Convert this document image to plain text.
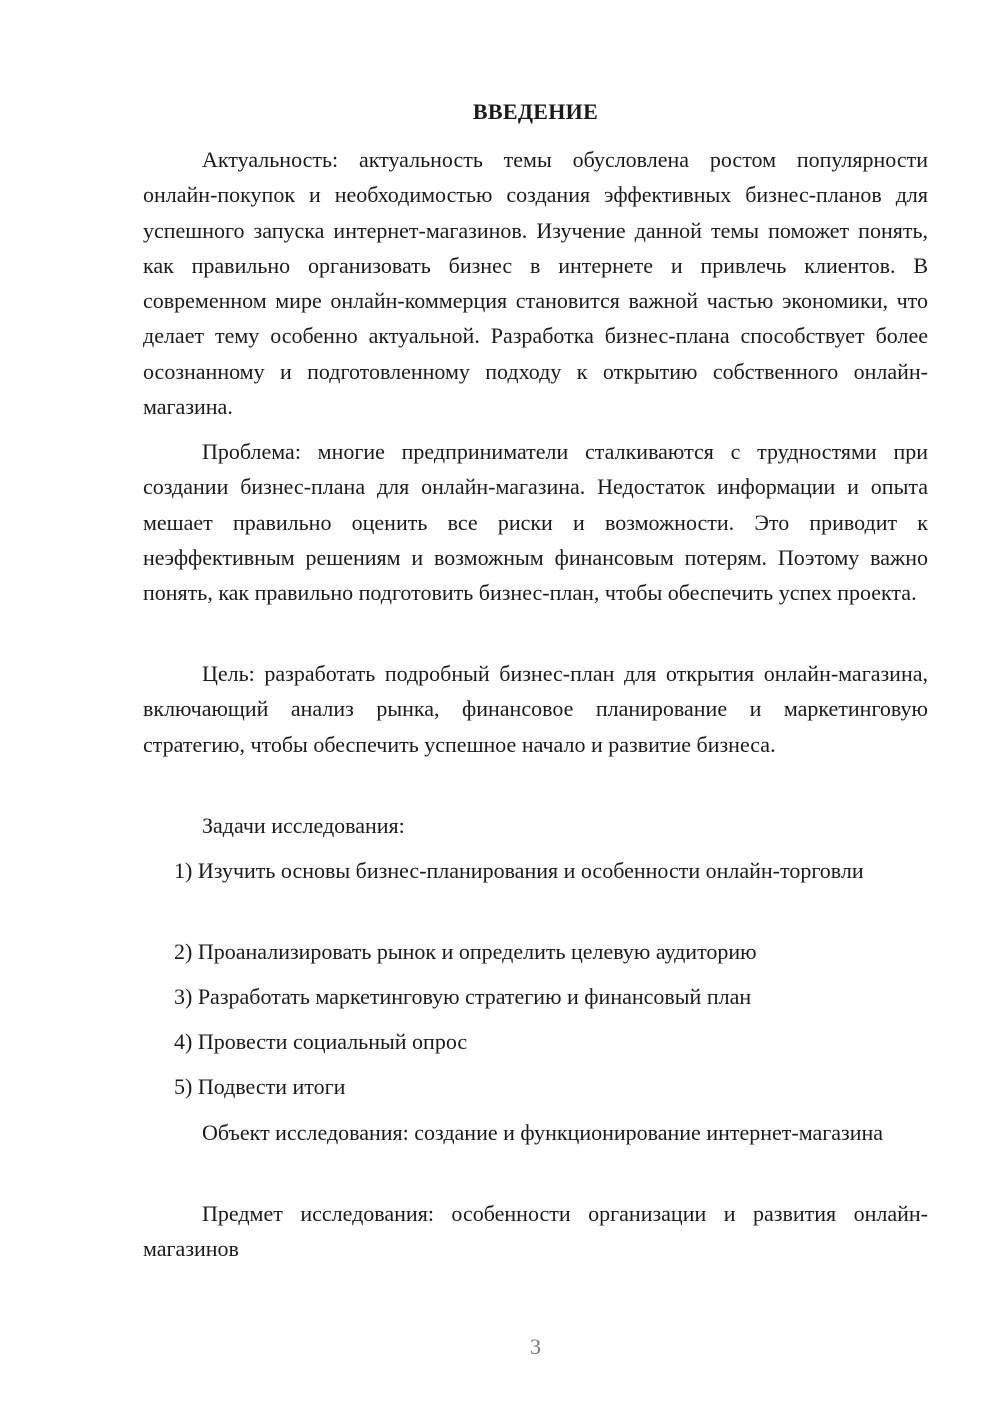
ВВЕДЕНИЕ

Актуальность: актуальность темы обусловлена ростом популярности онлайн-покупок и необходимостью создания эффективных бизнес-планов для успешного запуска интернет-магазинов. Изучение данной темы поможет понять, как правильно организовать бизнес в интернете и привлечь клиентов. В современном мире онлайн-коммерция становится важной частью экономики, что делает тему особенно актуальной. Разработка бизнес-плана способствует более осознанному и подготовленному подходу к открытию собственного онлайн-магазина.

Проблема: многие предприниматели сталкиваются с трудностями при создании бизнес-плана для онлайн-магазина. Недостаток информации и опыта мешает правильно оценить все риски и возможности. Это приводит к неэффективным решениям и возможным финансовым потерям. Поэтому важно понять, как правильно подготовить бизнес-план, чтобы обеспечить успех проекта.

Цель: разработать подробный бизнес-план для открытия онлайн-магазина, включающий анализ рынка, финансовое планирование и маркетинговую стратегию, чтобы обеспечить успешное начало и развитие бизнеса.

Задачи исследования:

1) Изучить основы бизнес-планирования и особенности онлайн-торговли

2) Проанализировать рынок и определить целевую аудиторию

3) Разработать маркетинговую стратегию и финансовый план

4) Провести социальный опрос

5) Подвести итоги

Объект исследования: создание и функционирование интернет-магазина

Предмет исследования: особенности организации и развития онлайн-магазинов

3
